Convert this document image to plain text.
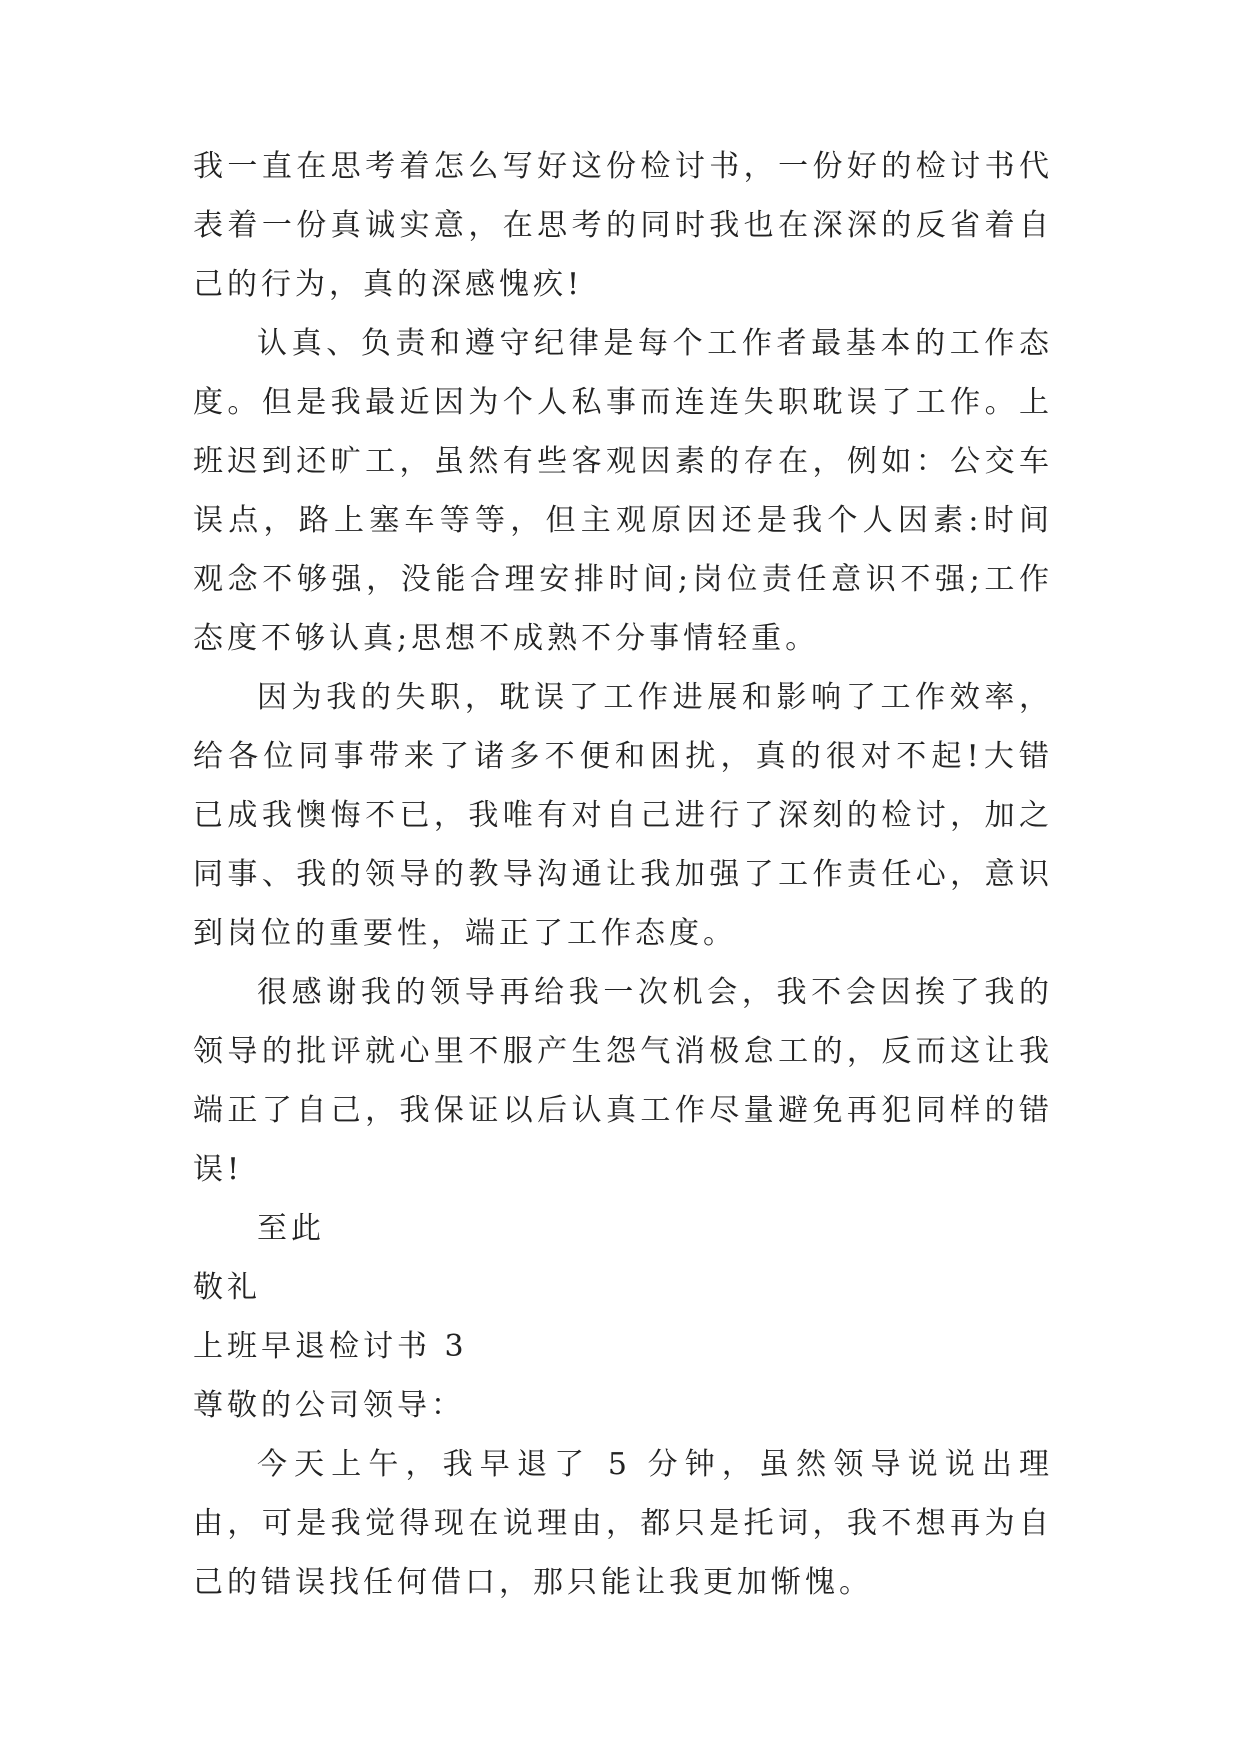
我一直在思考着怎么写好这份检讨书，一份好的检讨书代表着一份真诚实意，在思考的同时我也在深深的反省着自己的行为，真的深感愧疚!

认真、负责和遵守纪律是每个工作者最基本的工作态度。但是我最近因为个人私事而连连失职耽误了工作。上班迟到还旷工，虽然有些客观因素的存在，例如：公交车误点，路上塞车等等，但主观原因还是我个人因素:时间观念不够强，没能合理安排时间;岗位责任意识不强;工作态度不够认真;思想不成熟不分事情轻重。

因为我的失职，耽误了工作进展和影响了工作效率，给各位同事带来了诸多不便和困扰，真的很对不起!大错已成我懊悔不已，我唯有对自己进行了深刻的检讨，加之同事、我的领导的教导沟通让我加强了工作责任心，意识到岗位的重要性，端正了工作态度。

很感谢我的领导再给我一次机会，我不会因挨了我的领导的批评就心里不服产生怨气消极怠工的，反而这让我端正了自己，我保证以后认真工作尽量避免再犯同样的错误!

至此

敬礼

上班早退检讨书 3

尊敬的公司领导：

今天上午，我早退了 5 分钟，虽然领导说说出理由，可是我觉得现在说理由，都只是托词，我不想再为自己的错误找任何借口，那只能让我更加惭愧。
